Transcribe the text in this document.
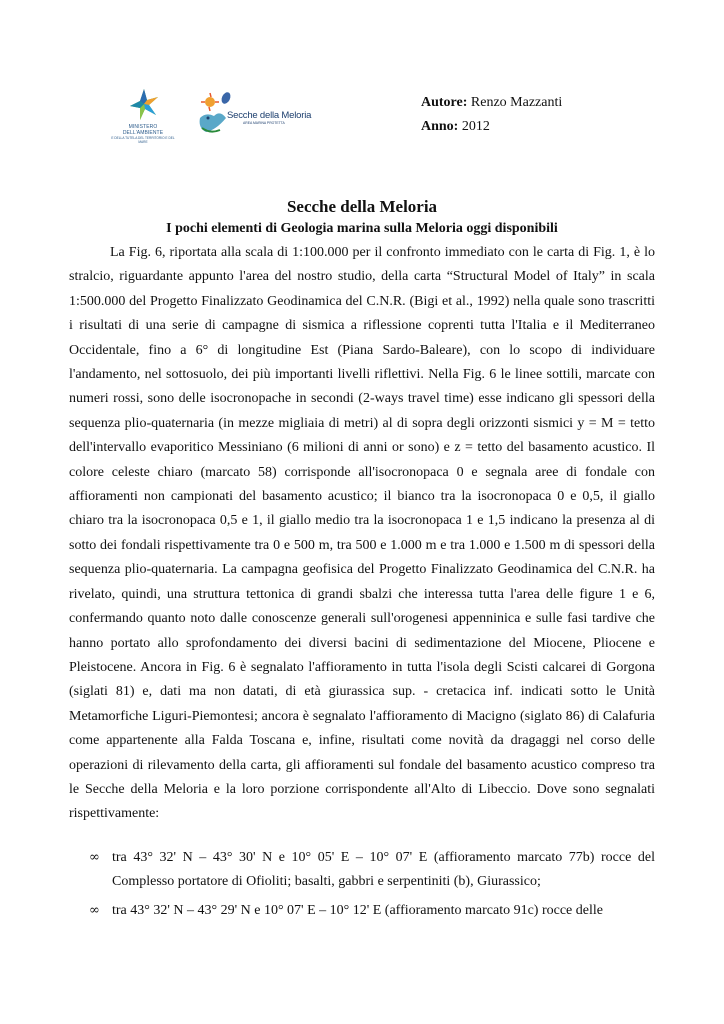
MINISTERO DELL'AMBIENTE
E DELLA TUTELA DEL TERRITORIO E DEL MARE
Secche della Meloria
AREA MARINA PROTETTA
Autore: Renzo Mazzanti
Anno: 2012
Secche della Meloria
I pochi elementi di Geologia marina sulla Meloria oggi disponibili

La Fig. 6, riportata alla scala di 1:100.000 per il confronto immediato con le carta di Fig. 1, è lo stralcio, riguardante appunto l'area del nostro studio, della carta “Structural Model of Italy” in scala 1:500.000 del Progetto Finalizzato Geodinamica del C.N.R. (Bigi et al., 1992) nella quale sono trascritti i risultati di una serie di campagne di sismica a riflessione coprenti tutta l'Italia e il Mediterraneo Occidentale, fino a 6° di longitudine Est (Piana Sardo-Baleare), con lo scopo di individuare l'andamento, nel sottosuolo, dei più importanti livelli riflettivi. Nella Fig. 6 le linee sottili, marcate con numeri rossi, sono delle isocronopache in secondi (2-ways travel time) esse indicano gli spessori della sequenza plio-quaternaria (in mezze migliaia di metri) al di sopra degli orizzonti sismici y = M = tetto dell'intervallo evaporitico Messiniano (6 milioni di anni or sono) e z = tetto del basamento acustico. Il colore celeste chiaro (marcato 58) corrisponde all'isocronopaca 0 e segnala aree di fondale con affioramenti non campionati del basamento acustico; il bianco tra la isocronopaca 0 e 0,5, il giallo chiaro tra la isocronopaca 0,5 e 1, il giallo medio tra la isocronopaca 1 e 1,5 indicano la presenza al di sotto dei fondali rispettivamente tra 0 e 500 m, tra 500 e 1.000 m e tra 1.000 e 1.500 m di spessori della sequenza plio-quaternaria. La campagna geofisica del Progetto Finalizzato Geodinamica del C.N.R. ha rivelato, quindi, una struttura tettonica di grandi sbalzi che interessa tutta l'area delle figure 1 e 6, confermando quanto noto dalle conoscenze generali sull'orogenesi appenninica e sulle fasi tardive che hanno portato allo sprofondamento dei diversi bacini di sedimentazione del Miocene, Pliocene e Pleistocene. Ancora in Fig. 6 è segnalato l'affioramento in tutta l'isola degli Scisti calcarei di Gorgona (siglati 81) e, dati ma non datati, di età giurassica sup. - cretacica inf. indicati sotto le Unità Metamorfiche Liguri-Piemontesi; ancora è segnalato l'affioramento di Macigno (siglato 86) di Calafuria come appartenente alla Falda Toscana e, infine, risultati come novità da dragaggi nel corso delle operazioni di rilevamento della carta, gli affioramenti sul fondale del basamento acustico compreso tra le Secche della Meloria e la loro porzione corrispondente all'Alto di Libeccio. Dove sono segnalati rispettivamente:

∞ tra 43° 32' N – 43° 30' N e 10° 05' E – 10° 07' E (affioramento marcato 77b) rocce del Complesso portatore di Ofioliti; basalti, gabbri e serpentiniti (b), Giurassico;
∞ tra 43° 32' N – 43° 29' N e 10° 07' E – 10° 12' E (affioramento marcato 91c) rocce delle
